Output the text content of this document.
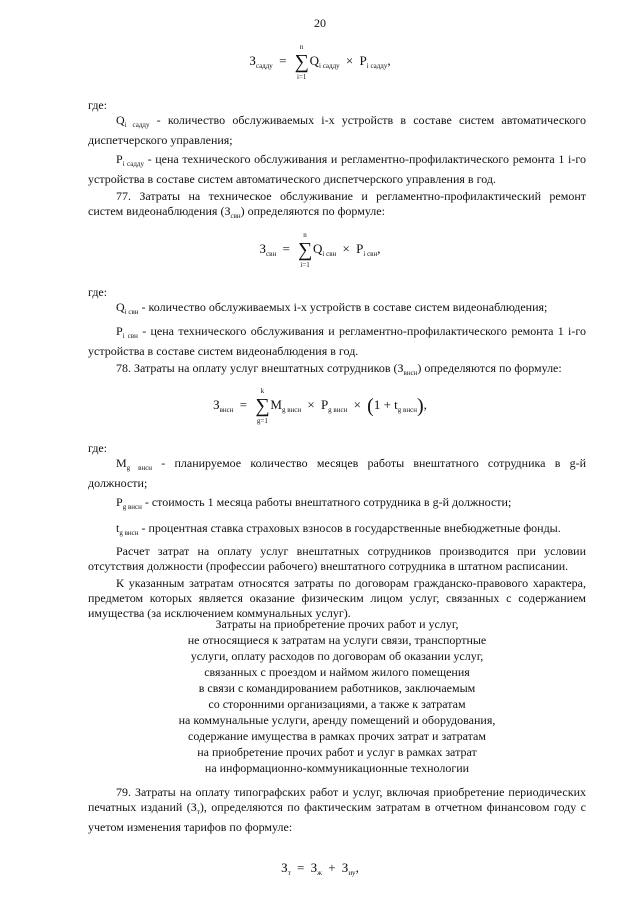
20
$З_{садду}$ =
n
∑
i=1
$Q_{i садду} \times P_{i садду}$,
где:

$Q_{i садду}$ - количество обслуживаемых i-х устройств в составе систем автоматического диспетчерского управления;

$P_{i садду}$ - цена технического обслуживания и регламентно-профилактического ремонта 1 i-го устройства в составе систем автоматического диспетчерского управления в год.

77. Затраты на техническое обслуживание и регламентно-профилактический ремонт систем видеонаблюдения $(З_{свн})$ определяются по формуле:

$З_{свн}$ =
n
∑
i=1
$Q_{i свн} \times P_{i свн}$,
где:

$Q_{i свн}$ - количество обслуживаемых i-х устройств в составе систем видеонаблюдения;

$P_{i свн}$ - цена технического обслуживания и регламентно-профилактического ремонта 1 i-го устройства в составе систем видеонаблюдения в год.

78. Затраты на оплату услуг внештатных сотрудников $(З_{внсн})$ определяются по формуле:

$З_{внсн}$ =
k
∑
g=1
$M_{g внсн} \times P_{g внсн} \times (1 + t_{g внсн})$,
где:

$M_{g внсн}$ - планируемое количество месяцев работы внештатного сотрудника в g-й должности;

$P_{g внсн}$ - стоимость 1 месяца работы внештатного сотрудника в g-й должности;

$t_{g внсн}$ - процентная ставка страховых взносов в государственные внебюджетные фонды.

Расчет затрат на оплату услуг внештатных сотрудников производится при условии отсутствия должности (профессии рабочего) внештатного сотрудника в штатном расписании.

К указанным затратам относятся затраты по договорам гражданско-правового характера, предметом которых является оказание физическим лицом услуг, связанных с содержанием имущества (за исключением коммунальных услуг).

Затраты на приобретение прочих работ и услуг,
не относящиеся к затратам на услуги связи, транспортные
услуги, оплату расходов по договорам об оказании услуг,
связанных с проездом и наймом жилого помещения
в связи с командированием работников, заключаемым
со сторонними организациями, а также к затратам
на коммунальные услуги, аренду помещений и оборудования,
содержание имущества в рамках прочих затрат и затратам
на приобретение прочих работ и услуг в рамках затрат
на информационно-коммуникационные технологии

79. Затраты на оплату типографских работ и услуг, включая приобретение периодических печатных изданий $(З_т)$, определяются по фактическим затратам в отчетном финансовом году с учетом изменения тарифов по формуле:

$З_т = З_ж + З_{иу}$,
